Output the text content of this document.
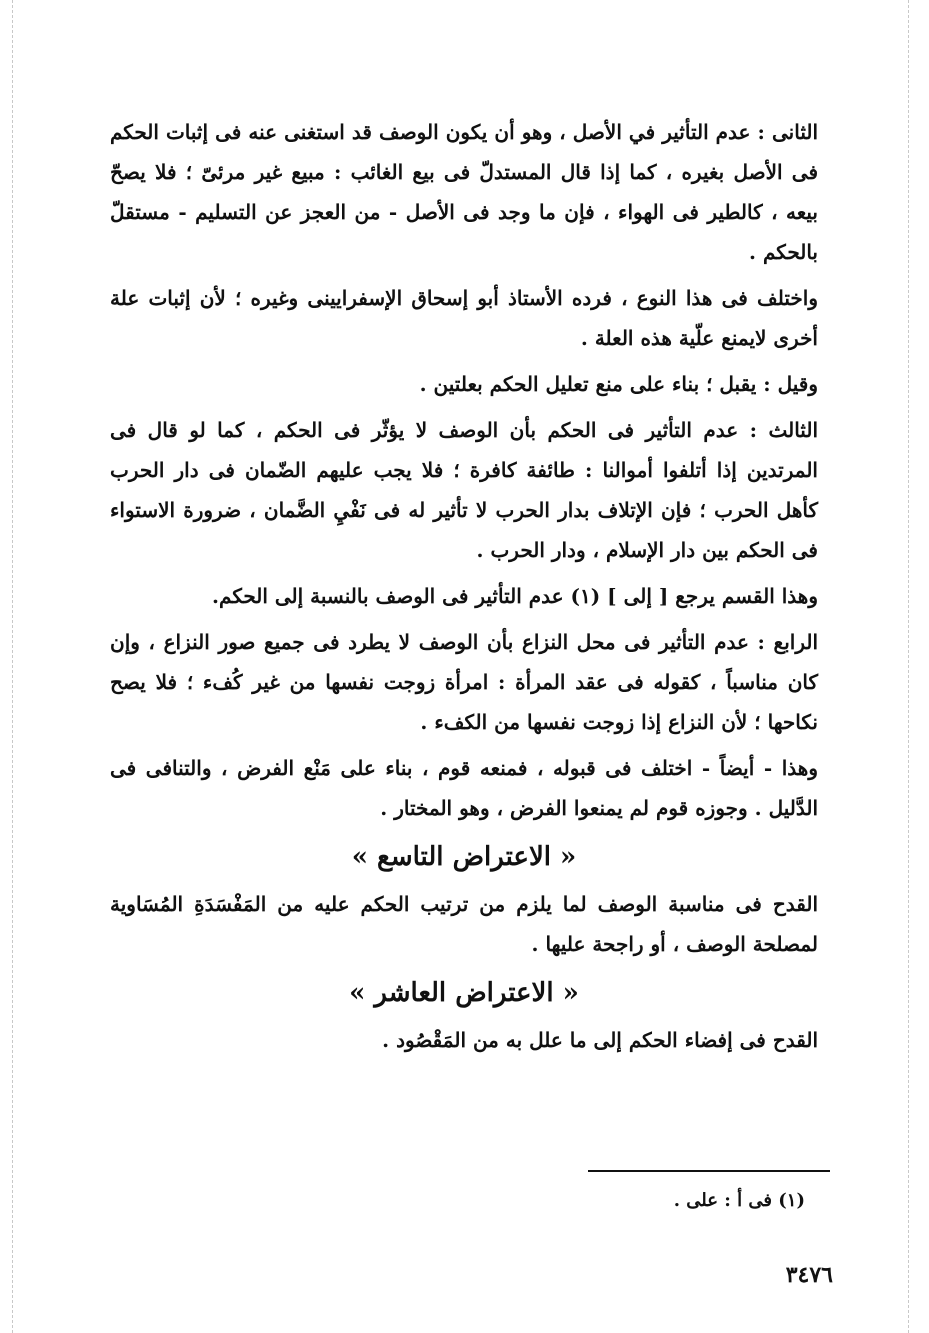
الثانى : عدم التأثير في الأصل ، وهو أن يكون الوصف قد استغنى عنه فى إثبات الحكم فى الأصل بغيره ، كما إذا قال المستدلّ فى بيع الغائب : مبيع غير مرئىّ ؛ فلا يصحّ بيعه ، كالطير فى الهواء ، فإن ما وجد فى الأصل - من العجز عن التسليم - مستقلّ بالحكم .

واختلف فى هذا النوع ، فرده الأستاذ أبو إسحاق الإسفرايينى وغيره ؛ لأن إثبات علة أخرى لايمنع علّية هذه العلة .

وقيل : يقبل ؛ بناء على منع تعليل الحكم بعلتين .

الثالث : عدم التأثير فى الحكم بأن الوصف لا يؤثّر فى الحكم ، كما لو قال فى المرتدين إذا أتلفوا أموالنا : طائفة كافرة ؛ فلا يجب عليهم الضّمان فى دار الحرب كأهل الحرب ؛ فإن الإتلاف بدار الحرب لا تأثير له فى نَفْيِ الضَّمان ، ضرورة الاستواء فى الحكم بين دار الإسلام ، ودار الحرب .

وهذا القسم يرجع [ إلى ] (١) عدم التأثير فى الوصف بالنسبة إلى الحكم.

الرابع : عدم التأثير فى محل النزاع بأن الوصف لا يطرد فى جميع صور النزاع ، وإن كان مناسباً ، كقوله فى عقد المرأة : امرأة زوجت نفسها من غير كُفء ؛ فلا يصح نكاحها ؛ لأن النزاع إذا زوجت نفسها من الكفء .

وهذا - أيضاً - اختلف فى قبوله ، فمنعه قوم ، بناء على مَنْع الفرض ، والتنافى فى الدَّليل . وجوزه قوم لم يمنعوا الفرض ، وهو المختار .

« الاعتراض التاسع »

القدح فى مناسبة الوصف لما يلزم من ترتيب الحكم عليه من المَفْسَدَةِ المُسَاوية لمصلحة الوصف ، أو راجحة عليها .

« الاعتراض العاشر »

القدح فى إفضاء الحكم إلى ما علل به من المَقْصُود .

(١) فى أ : على .
٣٤٧٦
